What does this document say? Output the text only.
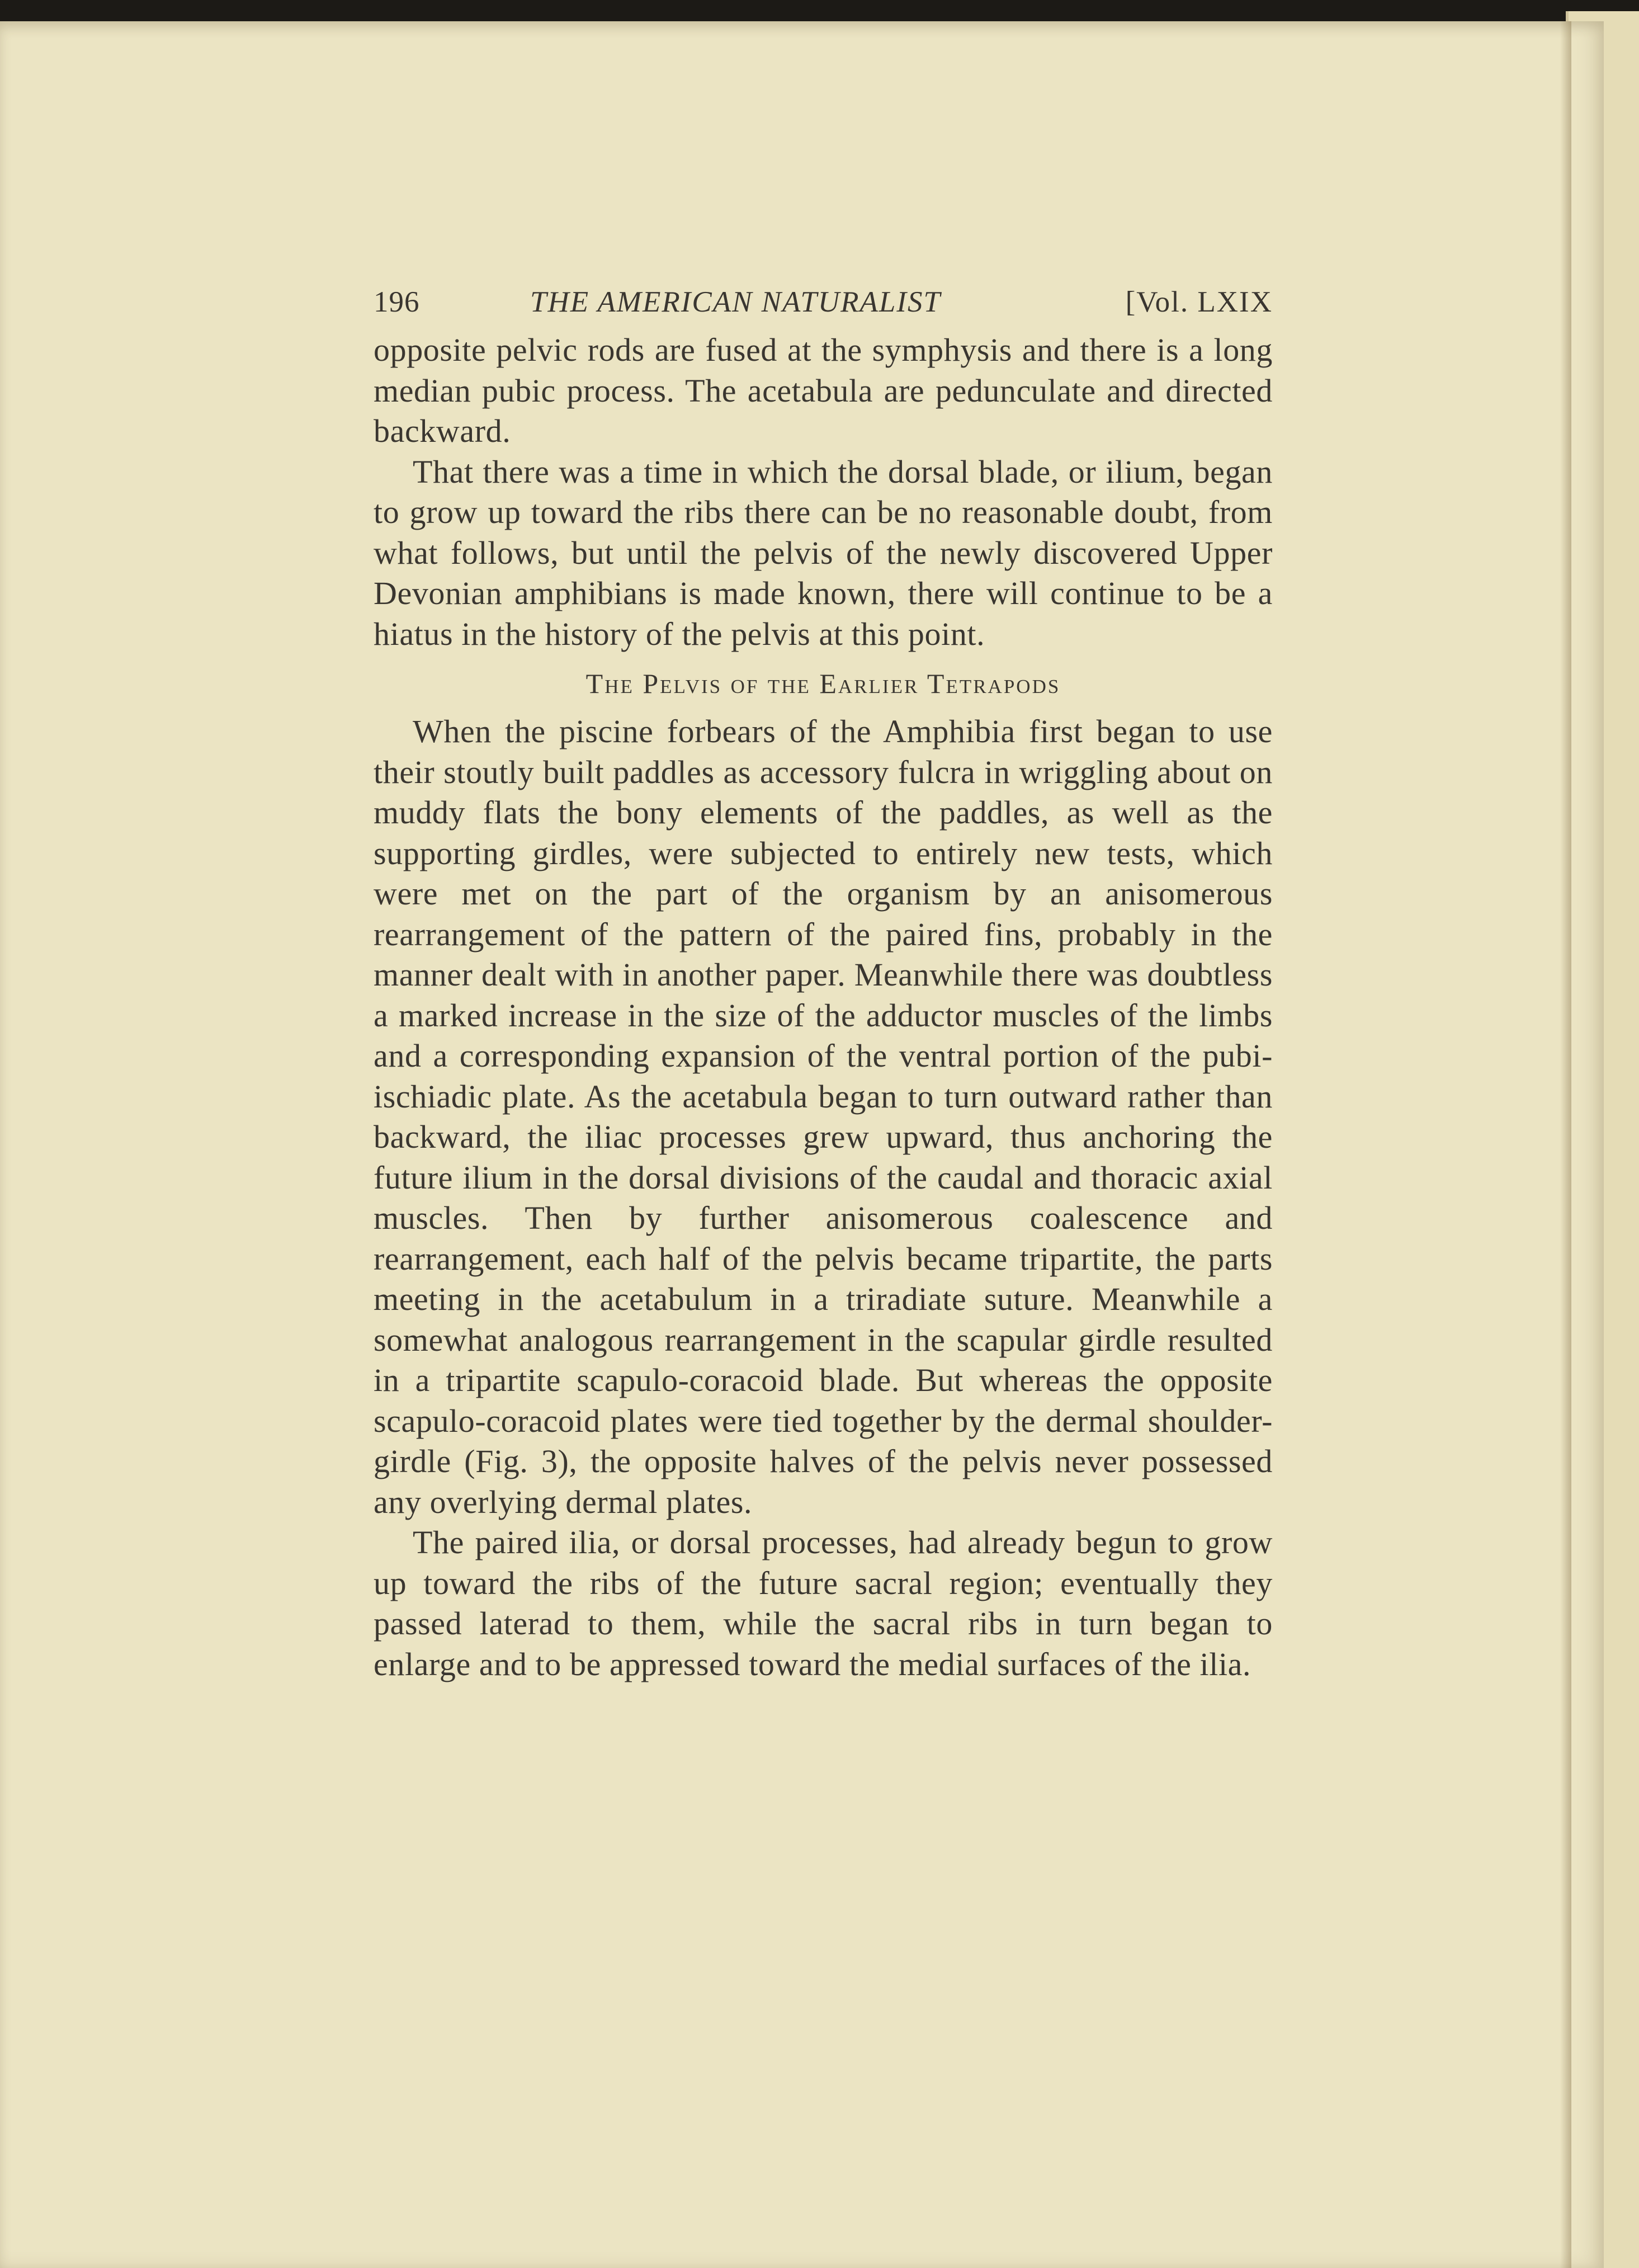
196	THE AMERICAN NATURALIST	[Vol. LXIX

opposite pelvic rods are fused at the symphysis and there is a long median pubic process. The acetabula are pedunculate and directed backward.

That there was a time in which the dorsal blade, or ilium, began to grow up toward the ribs there can be no reasonable doubt, from what follows, but until the pelvis of the newly discovered Upper Devonian amphibians is made known, there will continue to be a hiatus in the history of the pelvis at this point.

The Pelvis of the Earlier Tetrapods

When the piscine forbears of the Amphibia first began to use their stoutly built paddles as accessory fulcra in wriggling about on muddy flats the bony elements of the paddles, as well as the supporting girdles, were subjected to entirely new tests, which were met on the part of the organism by an anisomerous rearrangement of the pattern of the paired fins, probably in the manner dealt with in another paper. Meanwhile there was doubtless a marked increase in the size of the adductor muscles of the limbs and a corresponding expansion of the ventral portion of the pubi-ischiadic plate. As the acetabula began to turn outward rather than backward, the iliac processes grew upward, thus anchoring the future ilium in the dorsal divisions of the caudal and thoracic axial muscles. Then by further anisomerous coalescence and rearrangement, each half of the pelvis became tripartite, the parts meeting in the acetabulum in a triradiate suture. Meanwhile a somewhat analogous rearrangement in the scapular girdle resulted in a tripartite scapulo-coracoid blade. But whereas the opposite scapulo-coracoid plates were tied together by the dermal shoulder-girdle (Fig. 3), the opposite halves of the pelvis never possessed any overlying dermal plates.

The paired ilia, or dorsal processes, had already begun to grow up toward the ribs of the future sacral region; eventually they passed laterad to them, while the sacral ribs in turn began to enlarge and to be appressed toward the medial surfaces of the ilia.
